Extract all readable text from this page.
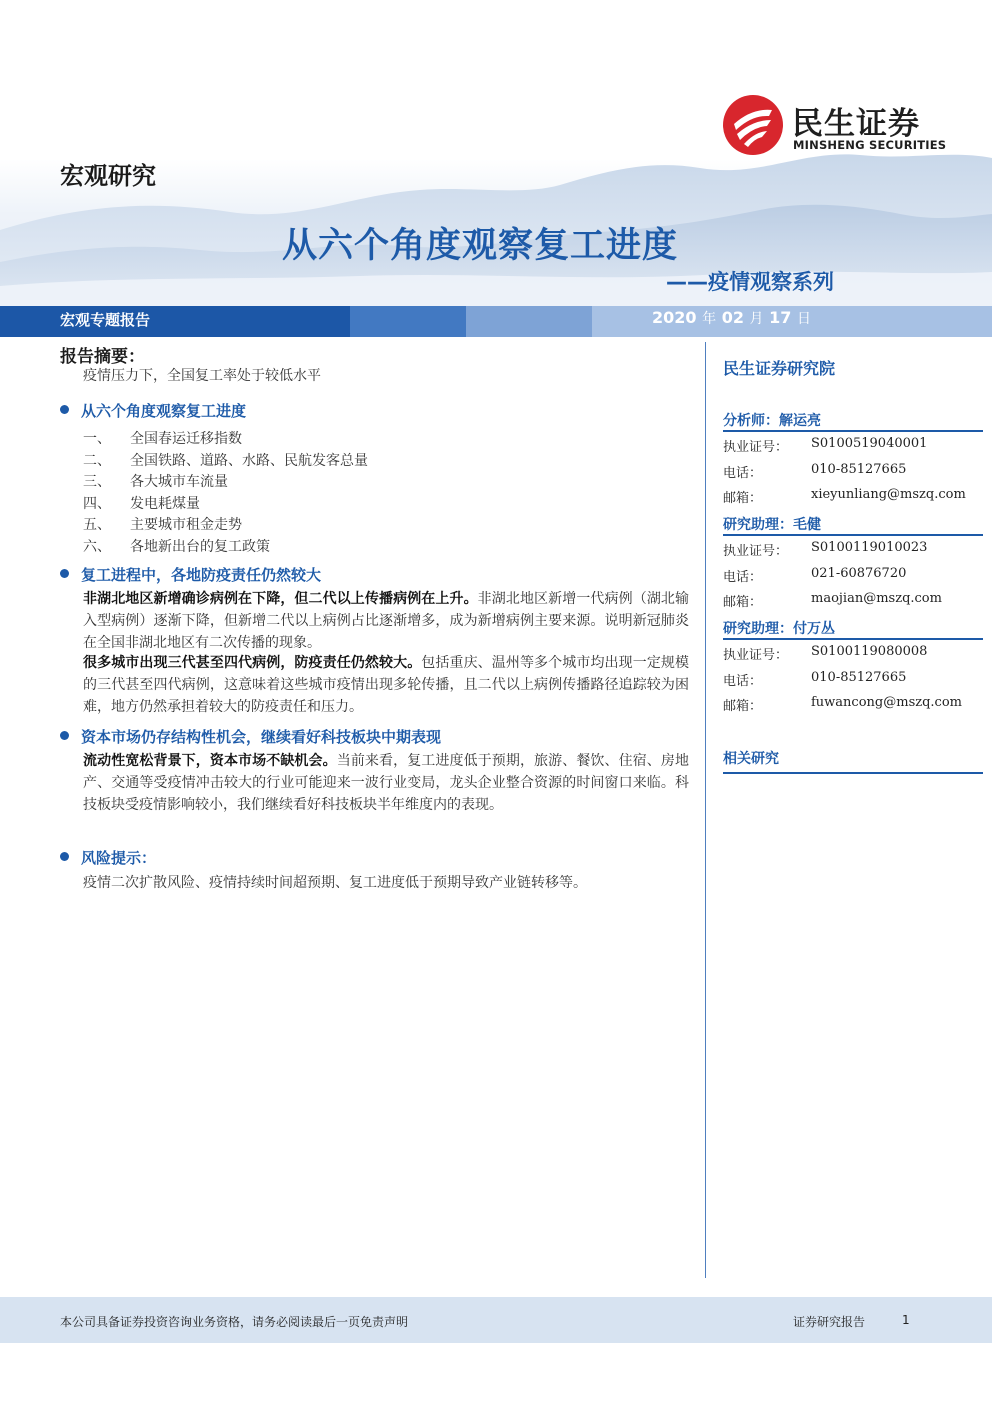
民生证券
MINSHENG SECURITIES
宏观研究
从六个角度观察复工进度
——疫情观察系列
宏观专题报告	2020 年 02 月 17 日
报告摘要：
疫情压力下，全国复工率处于较低水平
从六个角度观察复工进度
一、 全国春运迁移指数
二、 全国铁路、道路、水路、民航发客总量
三、 各大城市车流量
四、 发电耗煤量
五、 主要城市租金走势
六、 各地新出台的复工政策
复工进程中，各地防疫责任仍然较大
非湖北地区新增确诊病例在下降，但二代以上传播病例在上升。非湖北地区新增一代病例（湖北输入型病例）逐渐下降，但新增二代以上病例占比逐渐增多，成为新增病例主要来源。说明新冠肺炎在全国非湖北地区有二次传播的现象。
很多城市出现三代甚至四代病例，防疫责任仍然较大。包括重庆、温州等多个城市均出现一定规模的三代甚至四代病例，这意味着这些城市疫情出现多轮传播，且二代以上病例传播路径追踪较为困难，地方仍然承担着较大的防疫责任和压力。
资本市场仍存结构性机会，继续看好科技板块中期表现
流动性宽松背景下，资本市场不缺机会。当前来看，复工进度低于预期，旅游、餐饮、住宿、房地产、交通等受疫情冲击较大的行业可能迎来一波行业变局，龙头企业整合资源的时间窗口来临。科技板块受疫情影响较小，我们继续看好科技板块半年维度内的表现。
风险提示：
疫情二次扩散风险、疫情持续时间超预期、复工进度低于预期导致产业链转移等。
民生证券研究院
分析师：解运亮
执业证号： S0100519040001
电话：	010-85127665
邮箱：	xieyunliang@mszq.com
研究助理：毛健
执业证号： S0100119010023
电话：	021-60876720
邮箱：	maojian@mszq.com
研究助理：付万丛
执业证号： S0100119080008
电话：	010-85127665
邮箱：	fuwancong@mszq.com
相关研究
本公司具备证券投资咨询业务资格，请务必阅读最后一页免责声明	证券研究报告	1
